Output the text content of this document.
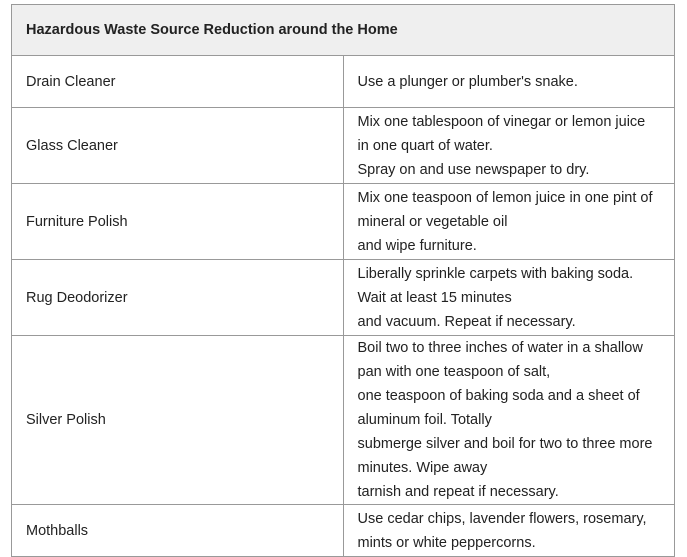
Hazardous Waste Source Reduction around the Home	
Drain Cleaner	Use a plunger or plumber's snake.

Glass Cleaner	Mix one tablespoon of vinegar or lemon juice in one quart of water.
Spray on and use newspaper to dry.

Furniture Polish	Mix one teaspoon of lemon juice in one pint of mineral or vegetable oil
and wipe furniture.

Rug Deodorizer	Liberally sprinkle carpets with baking soda. Wait at least 15 minutes
and vacuum. Repeat if necessary.

Silver Polish	Boil two to three inches of water in a shallow pan with one teaspoon of salt,
one teaspoon of baking soda and a sheet of aluminum foil. Totally
submerge silver and boil for two to three more minutes. Wipe away
tarnish and repeat if necessary.

Mothballs	Use cedar chips, lavender flowers, rosemary, mints or white peppercorns.
